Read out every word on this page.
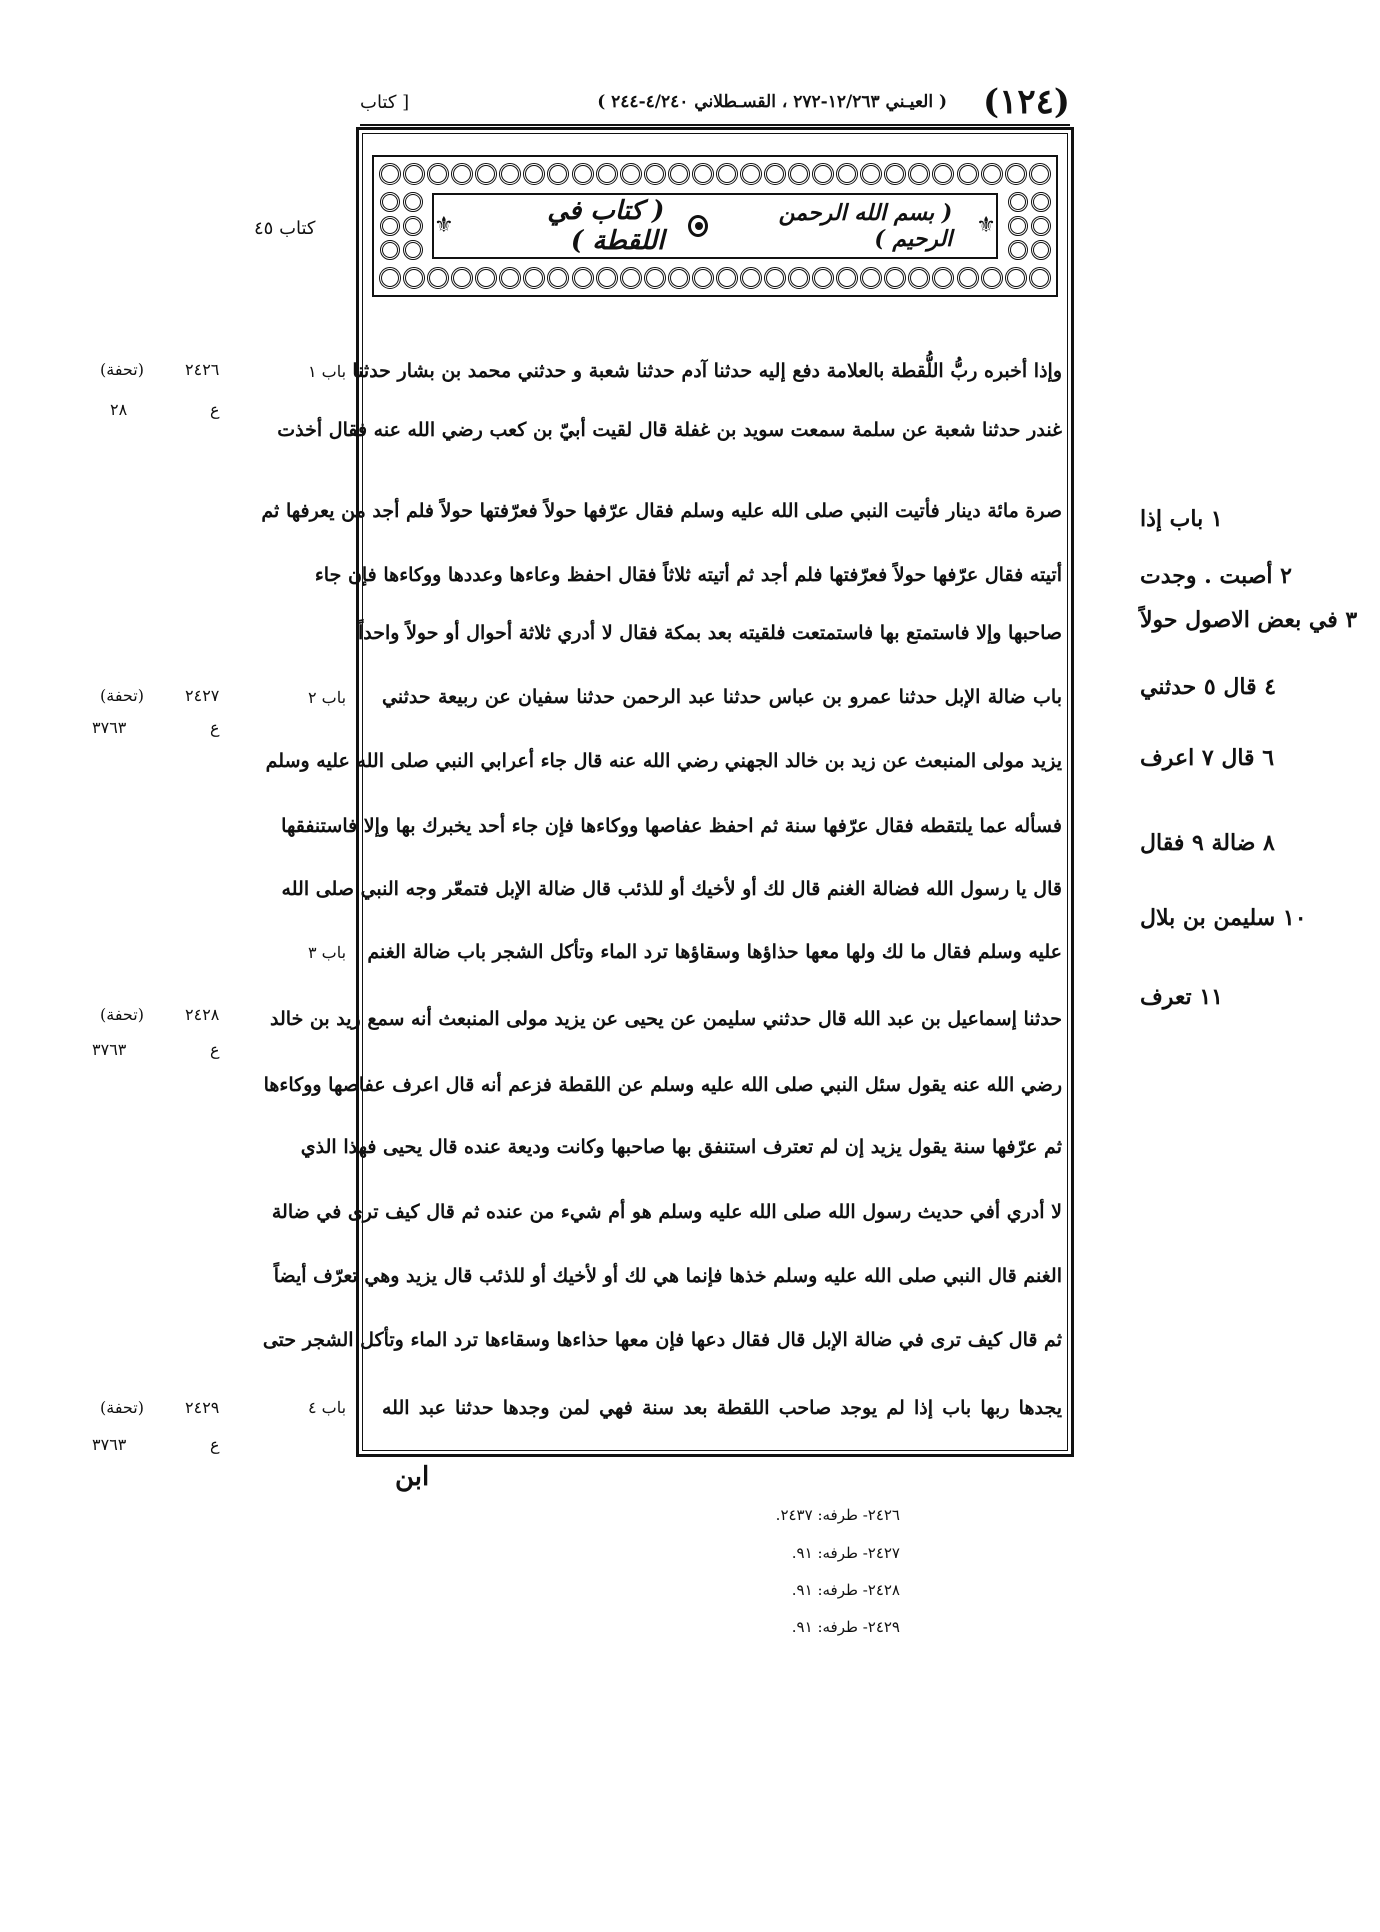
(١٢٤)
( العيـني ١٢/٢٦٣-٢٧٢ ، القسـطلاني ٤/٢٤٠-٢٤٤ )
[ كتاب
⚜
( بسم الله الرحمن الرحيم )
( كتاب في اللقطة )
⚜
كتاب ٤٥
وإذا أخبره ربُّ اللُّقطة بالعلامة دفع إليه حدثنا آدم حدثنا شعبة و حدثني محمد بن بشار حدثنا
غندر حدثنا شعبة عن سلمة سمعت سويد بن غفلة قال لقيت أبيّ بن كعب رضي الله عنه فقال أخذت
صرة مائة دينار فأتيت النبي صلى الله عليه وسلم فقال عرّفها حولاً فعرّفتها حولاً فلم أجد من يعرفها ثم
أتيته فقال عرّفها حولاً فعرّفتها فلم أجد ثم أتيته ثلاثاً فقال احفظ وعاءها وعددها ووكاءها فإن جاء
صاحبها وإلا فاستمتع بها فاستمتعت فلقيته بعد بمكة فقال لا أدري ثلاثة أحوال أو حولاً واحداً
باب ضالة الإبل حدثنا عمرو بن عباس حدثنا عبد الرحمن حدثنا سفيان عن ربيعة حدثني
يزيد مولى المنبعث عن زيد بن خالد الجهني رضي الله عنه قال جاء أعرابي النبي صلى الله عليه وسلم
فسأله عما يلتقطه فقال عرّفها سنة ثم احفظ عفاصها ووكاءها فإن جاء أحد يخبرك بها وإلا فاستنفقها
قال يا رسول الله فضالة الغنم قال لك أو لأخيك أو للذئب قال ضالة الإبل فتمعّر وجه النبي صلى الله
عليه وسلم فقال ما لك ولها معها حذاؤها وسقاؤها ترد الماء وتأكل الشجر باب ضالة الغنم
حدثنا إسماعيل بن عبد الله قال حدثني سليمن عن يحيى عن يزيد مولى المنبعث أنه سمع زيد بن خالد
رضي الله عنه يقول سئل النبي صلى الله عليه وسلم عن اللقطة فزعم أنه قال اعرف عفاصها ووكاءها
ثم عرّفها سنة يقول يزيد إن لم تعترف استنفق بها صاحبها وكانت وديعة عنده قال يحيى فهذا الذي
لا أدري أفي حديث رسول الله صلى الله عليه وسلم هو أم شيء من عنده ثم قال كيف ترى في ضالة
الغنم قال النبي صلى الله عليه وسلم خذها فإنما هي لك أو لأخيك أو للذئب قال يزيد وهي تعرّف أيضاً
ثم قال كيف ترى في ضالة الإبل قال فقال دعها فإن معها حذاءها وسقاءها ترد الماء وتأكل الشجر حتى
يجدها ربها باب إذا لم يوجد صاحب اللقطة بعد سنة فهي لمن وجدها حدثنا عبد الله
باب ١
باب ٢
باب ٣
باب ٤
٢٤٢٦
(تحفة)
ع
٢٨
٢٤٢٧
(تحفة)
ع
٣٧٦٣
٢٤٢٨
(تحفة)
ع
٣٧٦٣
٢٤٢٩
(تحفة)
ع
٣٧٦٣
١ باب إذا
٢ أصبت . وجدت
٣ في بعض الاصول حولاً
٤ قال ٥ حدثني
٦ قال ٧ اعرف
٨ ضالة ٩ فقال
١٠ سليمن بن بلال
١١ تعرف
ابن
٢٤٢٦- طرفه: ٢٤٣٧.
٢٤٢٧- طرفه: ٩١.
٢٤٢٨- طرفه: ٩١.
٢٤٢٩- طرفه: ٩١.
